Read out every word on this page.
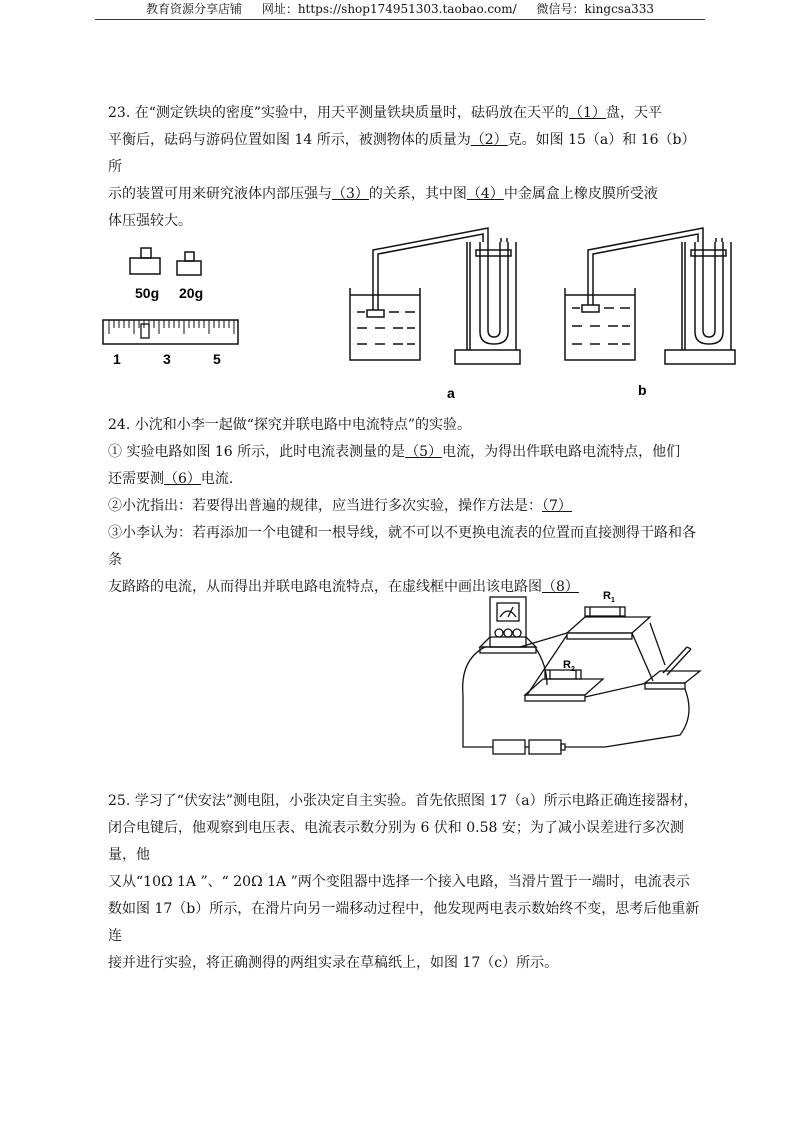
教育资源分享店铺 网址：https://shop174951303.taobao.com/ 微信号：kingcsa333
23. 在“测定铁块的密度”实验中，用天平测量铁块质量时，砝码放在天平的（1）盘，天平
平衡后，砝码与游码位置如图 14 所示，被测物体的质量为（2）克。如图 15（a）和 16（b）所
示的装置可用来研究液体内部压强与（3）的关系，其中图（4）中金属盒上橡皮膜所受液
体压强较大。
50g 20g
1	3	5
a	b
24. 小沈和小李一起做“探究并联电路中电流特点”的实验。
① 实验电路如图 16 所示，此时电流表测量的是（5）电流，为得出件联电路电流特点，他们
还需要测（6）电流.
②小沈指出：若要得出普遍的规律，应当进行多次实验，操作方法是：（7）
③小李认为：若再添加一个电键和一根导线，就不可以不更换电流表的位置而直接测得干路和各条
友路路的电流，从而得出并联电路电流特点，在虚线框中画出该电路图（8）
$R_1$
$R_2$
25. 学习了“伏安法”测电阻，小张决定自主实验。首先依照图 17（a）所示电路正确连接器材，
闭合电键后，他观察到电压表、电流表示数分别为 6 伏和 0.58 安；为了减小误差进行多次测量，他
又从“10Ω 1A ”、“ 20Ω 1A ”两个变阻器中选择一个接入电路，当滑片置于一端时，电流表示
数如图 17（b）所示，在滑片向另一端移动过程中，他发现两电表示数始终不变，思考后他重新连
接并进行实验，将正确测得的两组实录在草稿纸上，如图 17（c）所示。
